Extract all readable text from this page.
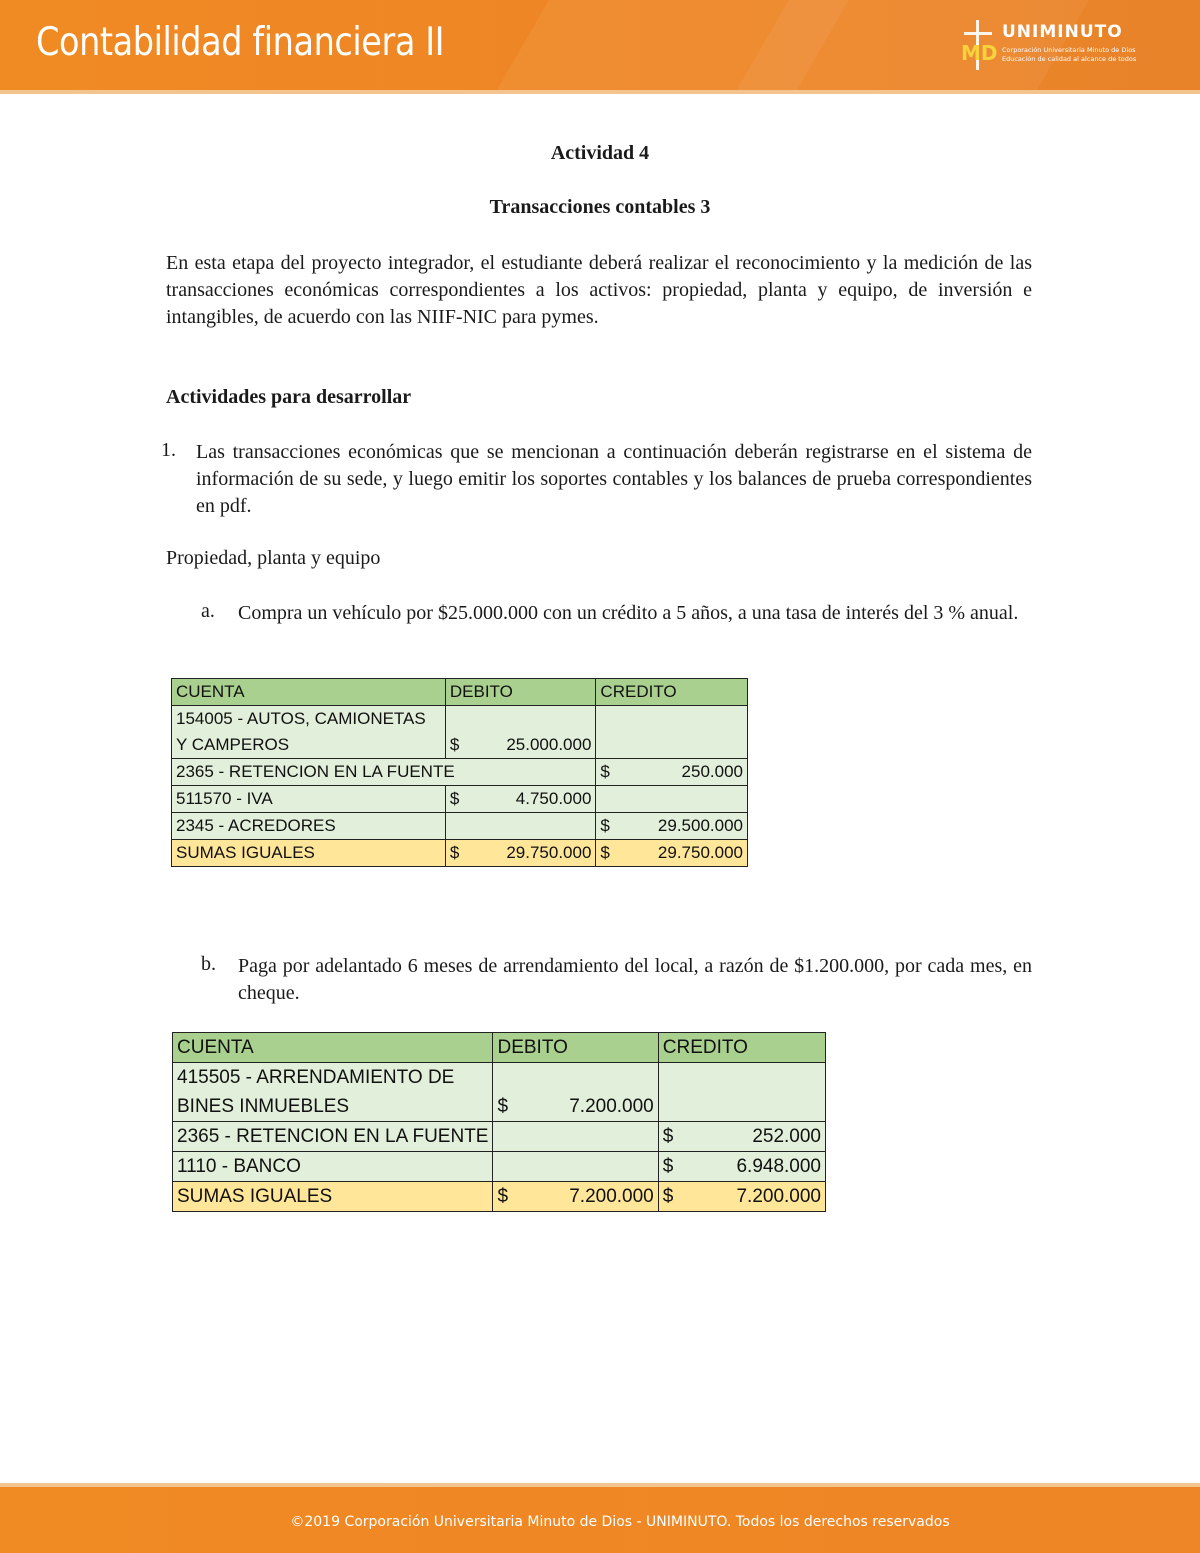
Contabilidad financiera II	MD
UNIMINUTO
Corporación Universitaria Minuto de Dios
Educación de calidad al alcance de todos
Actividad 4
Transacciones contables 3
En esta etapa del proyecto integrador, el estudiante deberá realizar el reconocimiento y la medición de las transacciones económicas correspondientes a los activos: propiedad, planta y equipo, de inversión e intangibles, de acuerdo con las NIIF-NIC para pymes.
Actividades para desarrollar
1. Las transacciones económicas que se mencionan a continuación deberán registrarse en el sistema de información de su sede, y luego emitir los soportes contables y los balances de prueba correspondientes en pdf.
Propiedad, planta y equipo
a. Compra un vehículo por $25.000.000 con un crédito a 5 años, a una tasa de interés del 3 % anual.
CUENTA	DEBITO	CREDITO
154005 - AUTOS, CAMIONETAS		
Y CAMPEROS	$ 25.000.000	

2365 - RETENCION EN LA FUENTE		$ 250.000

511570 - IVA	$ 4.750.000	

2345 - ACREDORES		$ 29.500.000

SUMAS IGUALES	$ 29.750.000	$ 29.750.000
b. Paga por adelantado 6 meses de arrendamiento del local, a razón de $1.200.000, por cada mes, en cheque.
CUENTA	DEBITO	CREDITO
415505 - ARRENDAMIENTO DE		
BINES INMUEBLES	$ 7.200.000	

2365 - RETENCION EN LA FUENTE		$ 252.000

1110 - BANCO		$ 6.948.000

SUMAS IGUALES	$ 7.200.000	$ 7.200.000
©2019 Corporación Universitaria Minuto de Dios - UNIMINUTO. Todos los derechos reservados
